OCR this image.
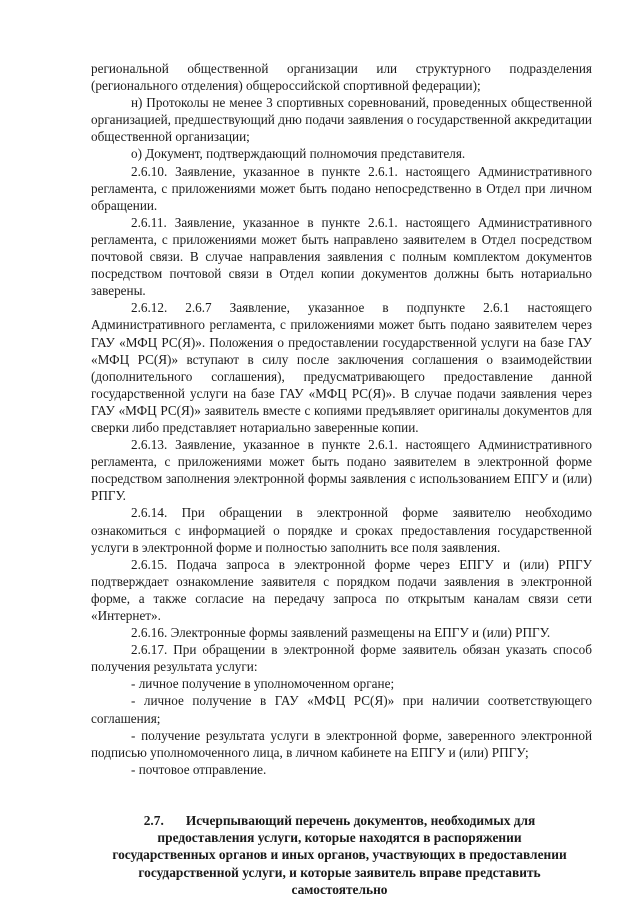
региональной общественной организации или структурного подразделения (регионального отделения) общероссийской спортивной федерации);

н) Протоколы не менее 3 спортивных соревнований, проведенных общественной организацией, предшествующий дню подачи заявления о государственной аккредитации общественной организации;

о) Документ, подтверждающий полномочия представителя.

2.6.10. Заявление, указанное в пункте 2.6.1. настоящего Административного регламента, с приложениями может быть подано непосредственно в Отдел при личном обращении.

2.6.11. Заявление, указанное в пункте 2.6.1. настоящего Административного регламента, с приложениями может быть направлено заявителем в Отдел посредством почтовой связи. В случае направления заявления с полным комплектом документов посредством почтовой связи в Отдел копии документов должны быть нотариально заверены.

2.6.12. 2.6.7 Заявление, указанное в подпункте 2.6.1 настоящего Административного регламента, с приложениями может быть подано заявителем через ГАУ «МФЦ РС(Я)». Положения о предоставлении государственной услуги на базе ГАУ «МФЦ РС(Я)» вступают в силу после заключения соглашения о взаимодействии (дополнительного соглашения), предусматривающего предоставление данной государственной услуги на базе ГАУ «МФЦ РС(Я)». В случае подачи заявления через ГАУ «МФЦ РС(Я)» заявитель вместе с копиями предъявляет оригиналы документов для сверки либо представляет нотариально заверенные копии.

2.6.13. Заявление, указанное в пункте 2.6.1. настоящего Административного регламента, с приложениями может быть подано заявителем в электронной форме посредством заполнения электронной формы заявления с использованием ЕПГУ и (или) РПГУ.

2.6.14. При обращении в электронной форме заявителю необходимо ознакомиться с информацией о порядке и сроках предоставления государственной услуги в электронной форме и полностью заполнить все поля заявления.

2.6.15. Подача запроса в электронной форме через ЕПГУ и (или) РПГУ подтверждает ознакомление заявителя с порядком подачи заявления в электронной форме, а также согласие на передачу запроса по открытым каналам связи сети «Интернет».

2.6.16. Электронные формы заявлений размещены на ЕПГУ и (или) РПГУ.

2.6.17. При обращении в электронной форме заявитель обязан указать способ получения результата услуги:

- личное получение в уполномоченном органе;

- личное получение в ГАУ «МФЦ РС(Я)» при наличии соответствующего соглашения;

- получение результата услуги в электронной форме, заверенного электронной подписью уполномоченного лица, в личном кабинете на ЕПГУ и (или) РПГУ;

- почтовое отправление.

2.7. Исчерпывающий перечень документов, необходимых для предоставления услуги, которые находятся в распоряжении государственных органов и иных органов, участвующих в предоставлении государственной услуги, и которые заявитель вправе представить самостоятельно
